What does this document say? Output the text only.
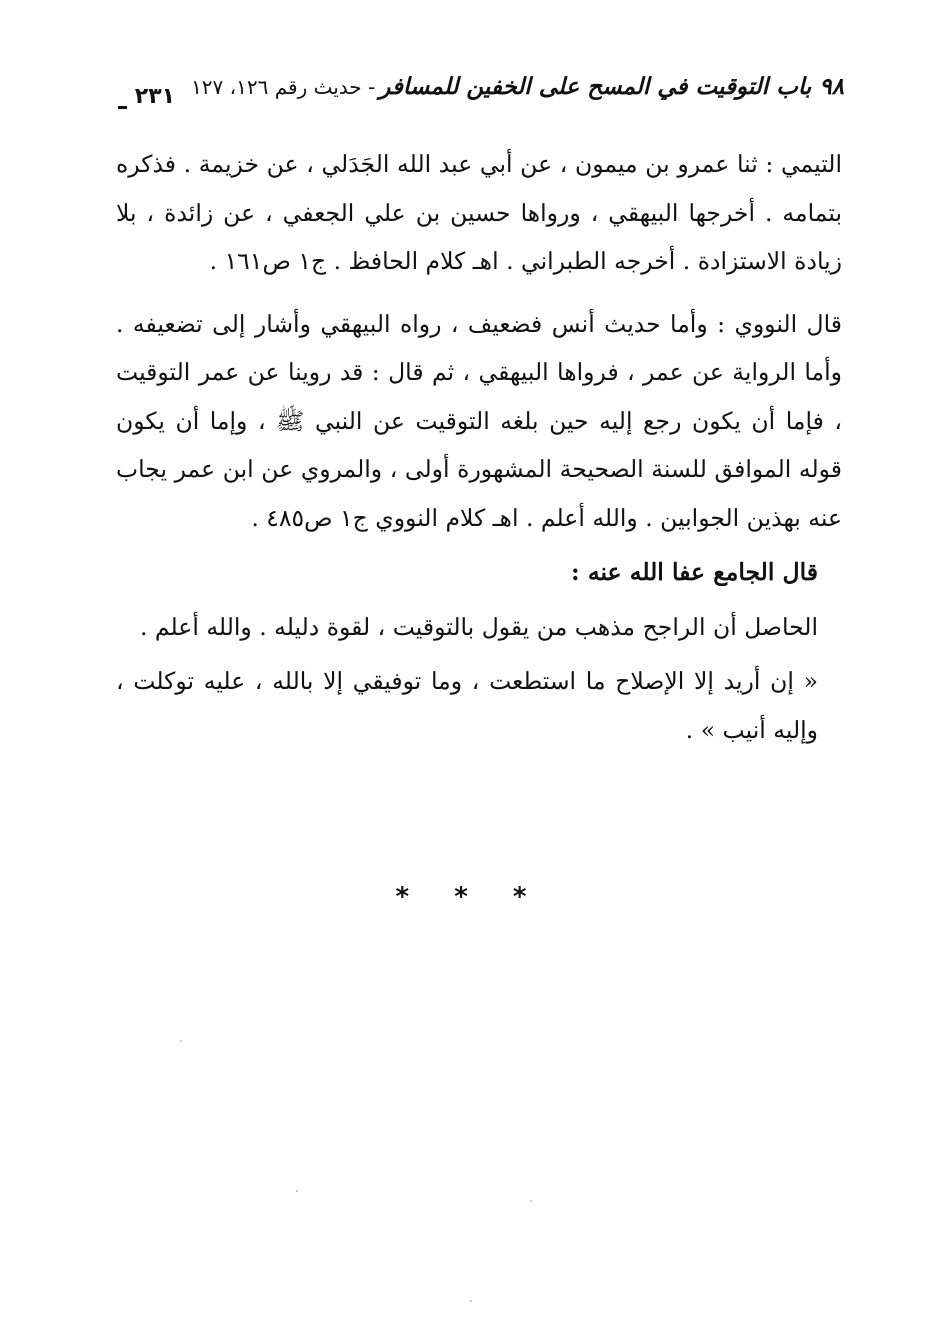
٩٨ باب التوقيت في المسح على الخفين للمسافر
- حديث رقم ١٢٦، ١٢٧
٢٣١

التيمي : ثنا عمرو بن ميمون ، عن أبي عبد الله الجَدَلي ، عن خزيمة . فذكره بتمامه . أخرجها البيهقي ، ورواها حسين بن علي الجعفي ، عن زائدة ، بلا زيادة الاستزادة . أخرجه الطبراني . اهـ كلام الحافظ . ج١ ص١٦١ .

قال النووي : وأما حديث أنس فضعيف ، رواه البيهقي وأشار إلى تضعيفه . وأما الرواية عن عمر ، فرواها البيهقي ، ثم قال : قد روينا عن عمر التوقيت ، فإما أن يكون رجع إليه حين بلغه التوقيت عن النبي ﷺ ، وإما أن يكون قوله الموافق للسنة الصحيحة المشهورة أولى ، والمروي عن ابن عمر يجاب عنه بهذين الجوابين . والله أعلم . اهـ كلام النووي ج١ ص٤٨٥ .

قال الجامع عفا الله عنه :

الحاصل أن الراجح مذهب من يقول بالتوقيت ، لقوة دليله . والله أعلم .

« إن أريد إلا الإصلاح ما استطعت ، وما توفيقي إلا بالله ، عليه توكلت ، وإليه أنيب » .

* * *
